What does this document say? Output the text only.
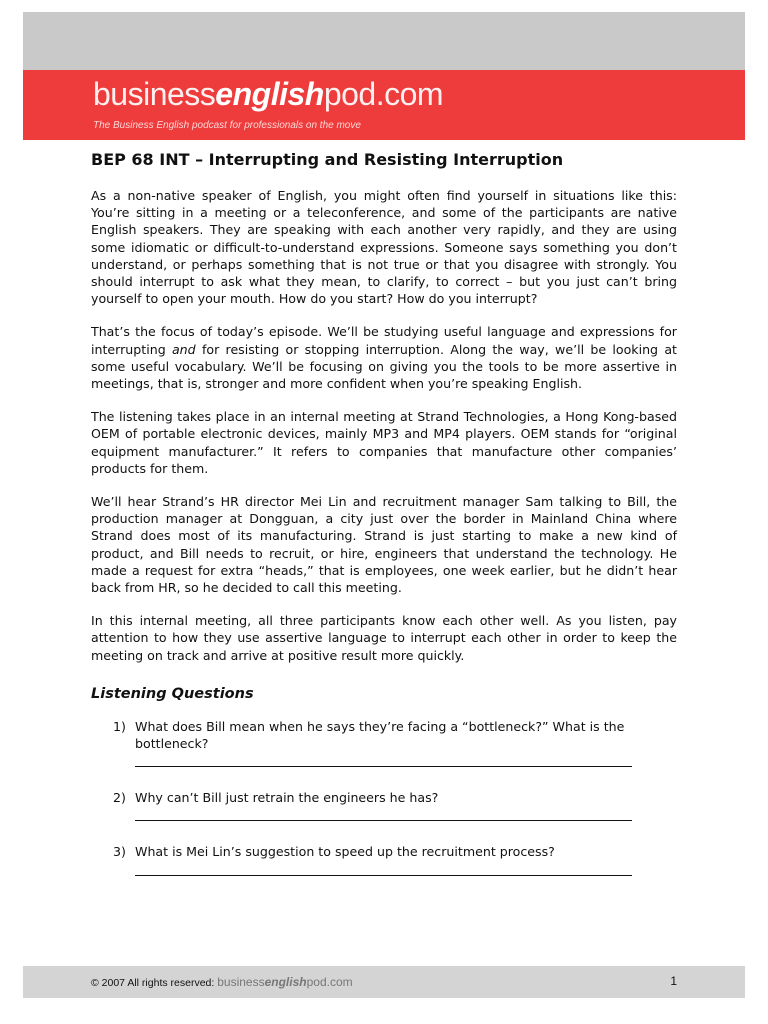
businessenglishpod.com
The Business English podcast for professionals on the move
BEP 68 INT – Interrupting and Resisting Interruption

As a non-native speaker of English, you might often find yourself in situations like this: You’re sitting in a meeting or a teleconference, and some of the participants are native English speakers. They are speaking with each another very rapidly, and they are using some idiomatic or difficult-to-understand expressions. Someone says something you don’t understand, or perhaps something that is not true or that you disagree with strongly. You should interrupt to ask what they mean, to clarify, to correct – but you just can’t bring yourself to open your mouth. How do you start? How do you interrupt?

That’s the focus of today’s episode. We’ll be studying useful language and expressions for interrupting and for resisting or stopping interruption. Along the way, we’ll be looking at some useful vocabulary. We’ll be focusing on giving you the tools to be more assertive in meetings, that is, stronger and more confident when you’re speaking English.

The listening takes place in an internal meeting at Strand Technologies, a Hong Kong-based OEM of portable electronic devices, mainly MP3 and MP4 players. OEM stands for “original equipment manufacturer.” It refers to companies that manufacture other companies’ products for them.

We’ll hear Strand’s HR director Mei Lin and recruitment manager Sam talking to Bill, the production manager at Dongguan, a city just over the border in Mainland China where Strand does most of its manufacturing. Strand is just starting to make a new kind of product, and Bill needs to recruit, or hire, engineers that understand the technology. He made a request for extra “heads,” that is employees, one week earlier, but he didn’t hear back from HR, so he decided to call this meeting.

In this internal meeting, all three participants know each other well. As you listen, pay attention to how they use assertive language to interrupt each other in order to keep the meeting on track and arrive at positive result more quickly.

Listening Questions
1) What does Bill mean when he says they’re facing a “bottleneck?” What is the bottleneck?
2) Why can’t Bill just retrain the engineers he has?
3) What is Mei Lin’s suggestion to speed up the recruitment process?
© 2007 All rights reserved: businessenglishpod.com	1
